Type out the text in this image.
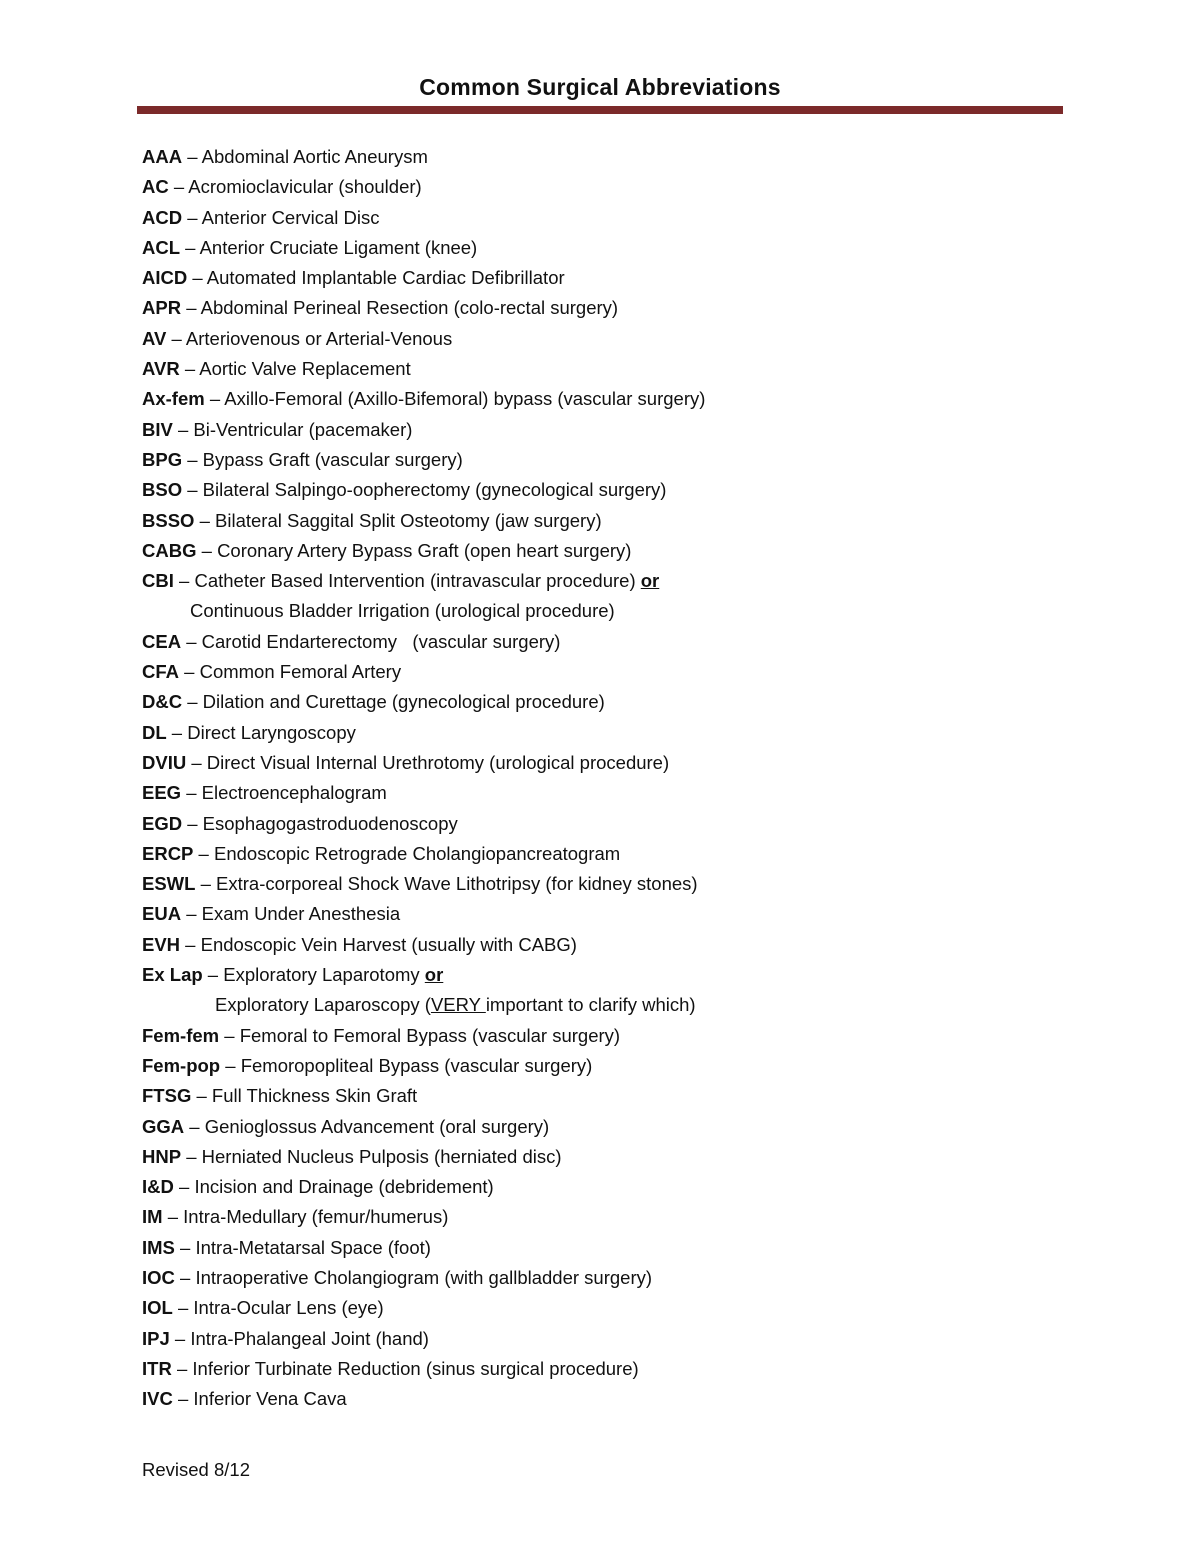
Common Surgical Abbreviations
AAA – Abdominal Aortic Aneurysm
AC – Acromioclavicular (shoulder)
ACD – Anterior Cervical Disc
ACL – Anterior Cruciate Ligament (knee)
AICD – Automated Implantable Cardiac Defibrillator
APR – Abdominal Perineal Resection (colo-rectal surgery)
AV – Arteriovenous or Arterial-Venous
AVR – Aortic Valve Replacement
Ax-fem – Axillo-Femoral (Axillo-Bifemoral) bypass (vascular surgery)
BIV – Bi-Ventricular (pacemaker)
BPG – Bypass Graft (vascular surgery)
BSO – Bilateral Salpingo-oopherectomy (gynecological surgery)
BSSO – Bilateral Saggital Split Osteotomy (jaw surgery)
CABG – Coronary Artery Bypass Graft (open heart surgery)
CBI – Catheter Based Intervention (intravascular procedure) or
Continuous Bladder Irrigation (urological procedure)
CEA – Carotid Endarterectomy   (vascular surgery)
CFA – Common Femoral Artery
D&C – Dilation and Curettage (gynecological procedure)
DL – Direct Laryngoscopy
DVIU – Direct Visual Internal Urethrotomy (urological procedure)
EEG – Electroencephalogram
EGD – Esophagogastroduodenoscopy
ERCP – Endoscopic Retrograde Cholangiopancreatogram
ESWL – Extra-corporeal Shock Wave Lithotripsy (for kidney stones)
EUA – Exam Under Anesthesia
EVH – Endoscopic Vein Harvest (usually with CABG)
Ex Lap – Exploratory Laparotomy or
Exploratory Laparoscopy (VERY important to clarify which)
Fem-fem – Femoral to Femoral Bypass (vascular surgery)
Fem-pop – Femoropopliteal Bypass (vascular surgery)
FTSG – Full Thickness Skin Graft
GGA – Genioglossus Advancement (oral surgery)
HNP – Herniated Nucleus Pulposis (herniated disc)
I&D – Incision and Drainage (debridement)
IM – Intra-Medullary (femur/humerus)
IMS – Intra-Metatarsal Space (foot)
IOC – Intraoperative Cholangiogram (with gallbladder surgery)
IOL – Intra-Ocular Lens (eye)
IPJ – Intra-Phalangeal Joint (hand)
ITR – Inferior Turbinate Reduction (sinus surgical procedure)
IVC – Inferior Vena Cava
Revised 8/12
